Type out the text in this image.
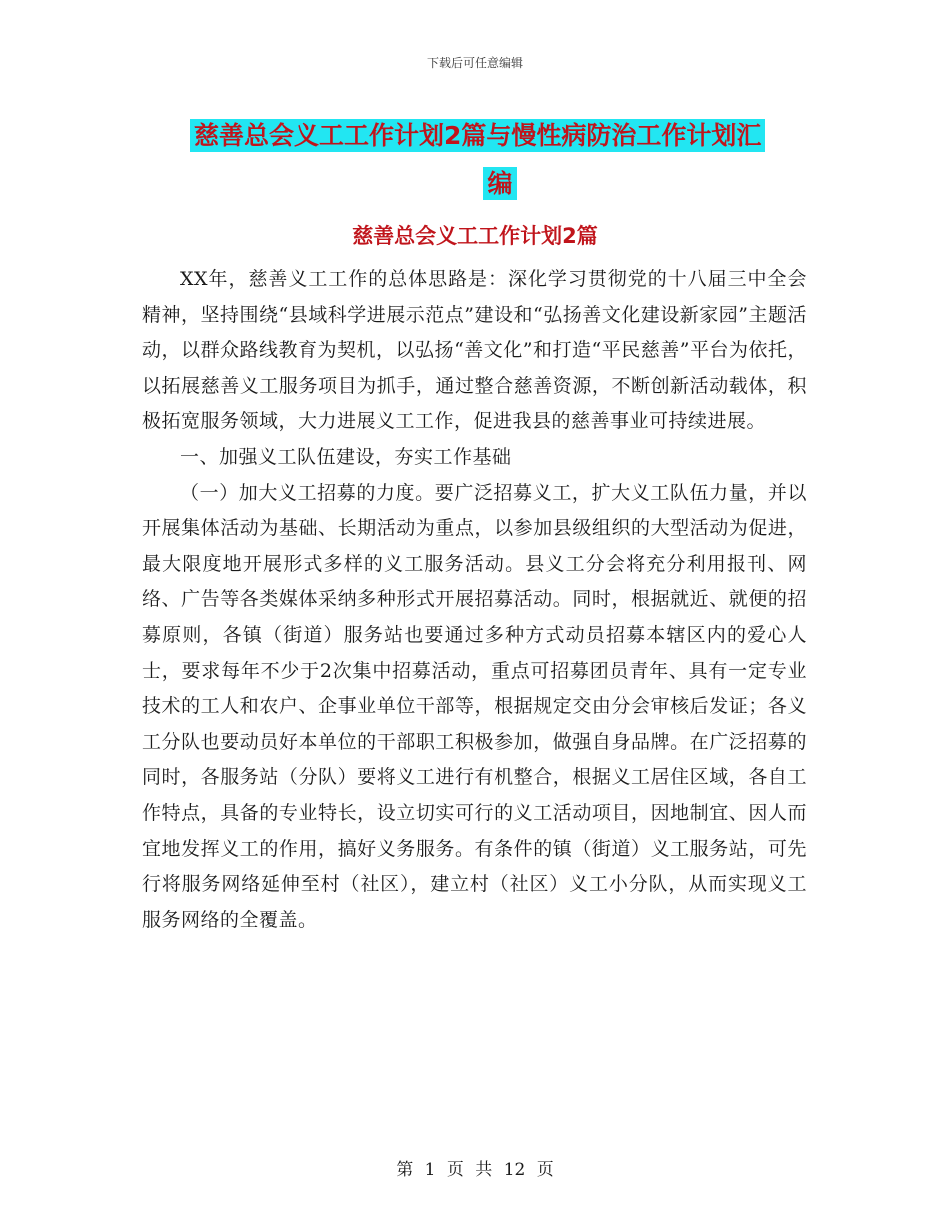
下载后可任意编辑
慈善总会义工工作计划2篇与慢性病防治工作计划汇
编
慈善总会义工工作计划2篇

XX年，慈善义工工作的总体思路是：深化学习贯彻党的十八届三中全会精神，坚持围绕“县域科学进展示范点”建设和“弘扬善文化建设新家园”主题活动，以群众路线教育为契机，以弘扬“善文化”和打造“平民慈善”平台为依托，以拓展慈善义工服务项目为抓手，通过整合慈善资源，不断创新活动载体，积极拓宽服务领域，大力进展义工工作，促进我县的慈善事业可持续进展。

一、加强义工队伍建设，夯实工作基础

（一）加大义工招募的力度。要广泛招募义工，扩大义工队伍力量，并以开展集体活动为基础、长期活动为重点，以参加县级组织的大型活动为促进，最大限度地开展形式多样的义工服务活动。县义工分会将充分利用报刊、网络、广告等各类媒体采纳多种形式开展招募活动。同时，根据就近、就便的招募原则，各镇（街道）服务站也要通过多种方式动员招募本辖区内的爱心人士，要求每年不少于2次集中招募活动，重点可招募团员青年、具有一定专业技术的工人和农户、企事业单位干部等，根据规定交由分会审核后发证；各义工分队也要动员好本单位的干部职工积极参加，做强自身品牌。在广泛招募的同时，各服务站（分队）要将义工进行有机整合，根据义工居住区域，各自工作特点，具备的专业特长，设立切实可行的义工活动项目，因地制宜、因人而宜地发挥义工的作用，搞好义务服务。有条件的镇（街道）义工服务站，可先行将服务网络延伸至村（社区），建立村（社区）义工小分队，从而实现义工服务网络的全覆盖。

第 1 页 共 12 页
